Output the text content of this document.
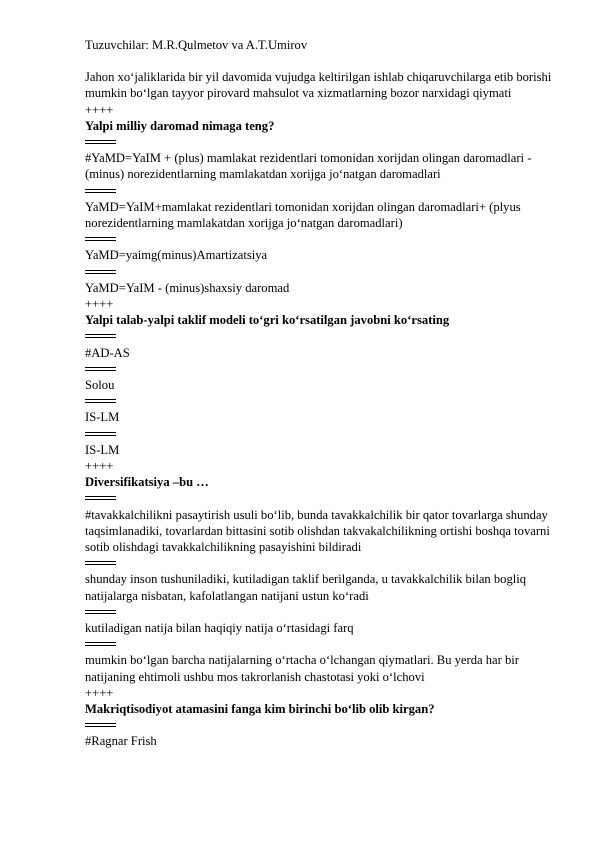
Tuzuvchilar: M.R.Qulmetov va A.T.Umirov
Jahon xo‘jaliklarida bir yil davomida vujudga keltirilgan ishlab chiqaruvchilarga etib borishi mumkin bo‘lgan tayyor pirovard mahsulot va xizmatlarning bozor narxidagi qiymati
++++
Yalpi milliy daromad nimaga teng?
#YaMD=YaIM + (plus) mamlakat rezidentlari tomonidan xorijdan olingan daromadlari - (minus) norezidentlarning mamlakatdan xorijga jo‘natgan daromadlari
YaMD=YaIM+mamlakat rezidentlari tomonidan xorijdan olingan daromadlari+ (plyus norezidentlarning mamlakatdan xorijga jo‘natgan daromadlari)
YaMD=yaimg(minus)Amartizatsiya
YaMD=YaIM - (minus)shaxsiy daromad
++++
Yalpi talab-yalpi taklif modeli to‘gri ko‘rsatilgan javobni ko‘rsating
#AD-AS
Solou
IS-LM
IS-LM
++++
Diversifikatsiya –bu …
#tavakkalchilikni pasaytirish usuli bo‘lib, bunda tavakkalchilik bir qator tovarlarga shunday taqsimlanadiki, tovarlardan bittasini sotib olishdan takvakalchilikning ortishi boshqa tovarni sotib olishdagi tavakkalchilikning pasayishini bildiradi
shunday inson tushuniladiki, kutiladigan taklif berilganda, u tavakkalchilik bilan bogliq natijalarga nisbatan, kafolatlangan natijani ustun ko‘radi
kutiladigan natija bilan haqiqiy natija o‘rtasidagi farq
mumkin bo‘lgan barcha natijalarning o‘rtacha o‘lchangan qiymatlari. Bu yerda har bir natijaning ehtimoli ushbu mos takrorlanish chastotasi yoki o‘lchovi
++++
Makriqtisodiyot atamasini fanga kim birinchi bo‘lib olib kirgan?
#Ragnar Frish
